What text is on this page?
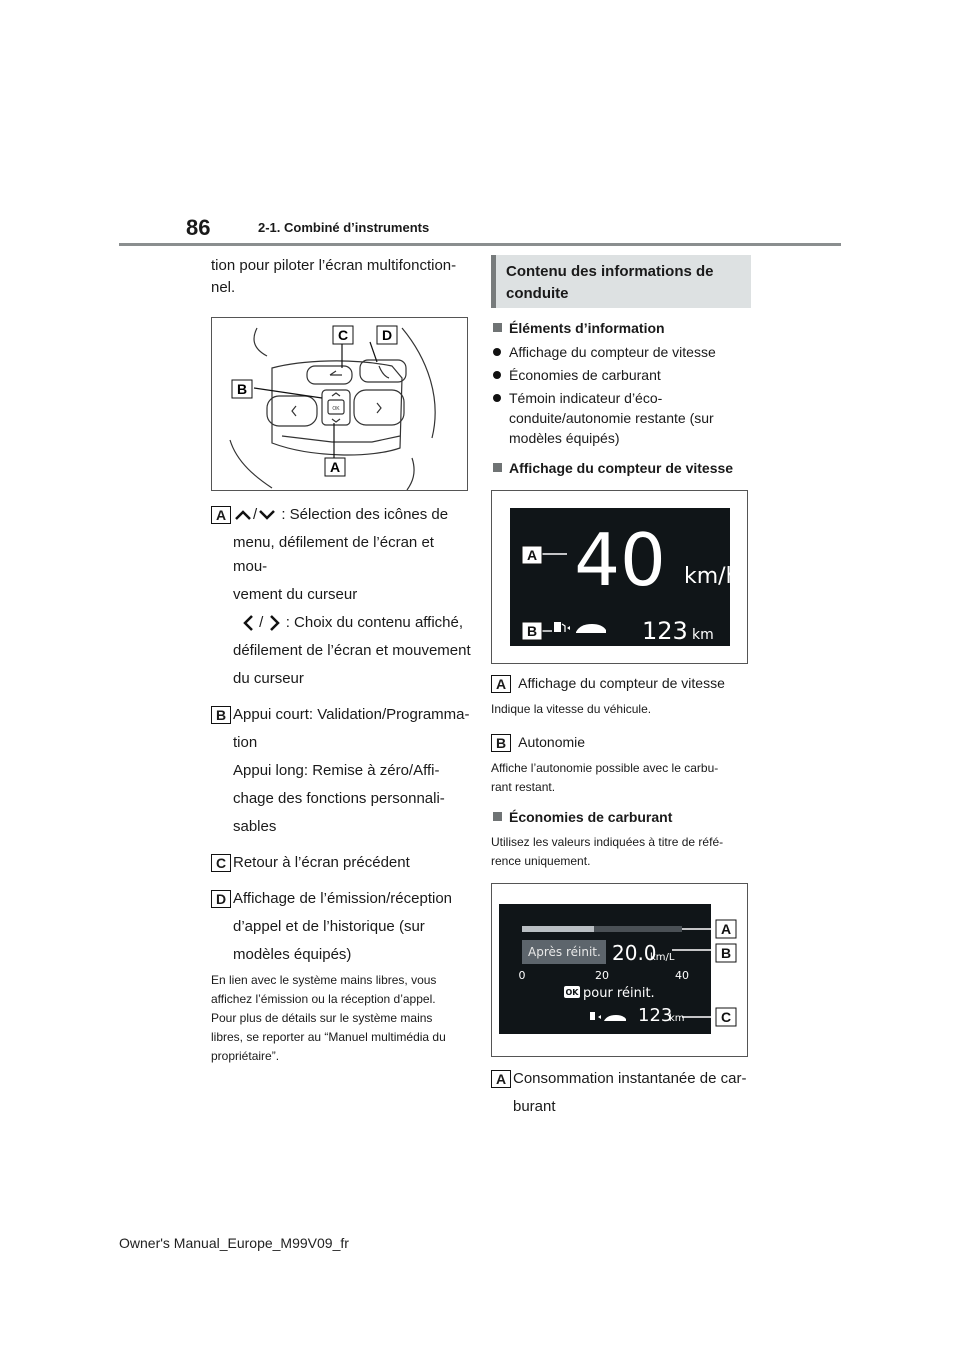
86	2-1. Combiné d’instruments
tion pour piloter l’écran multifonction-
nel.
OK
C D
B
A
A	/ : Sélection des icônes de
menu, défilement de l’écran et mou-
vement du curseur
/ : Choix du contenu affiché,
défilement de l’écran et mouvement
du curseur
B Appui court: Validation/Programma-
tion
Appui long: Remise à zéro/Affi-
chage des fonctions personnali-
sables
C Retour à l’écran précédent
D Affichage de l’émission/réception
d’appel et de l’historique (sur
modèles équipés)
En lien avec le système mains libres, vous
affichez l’émission ou la réception d’appel.
Pour plus de détails sur le système mains
libres, se reporter au “Manuel multimédia du
propriétaire”.
Contenu des informations de
conduite
Éléments d’information
Affichage du compteur de vitesse
Économies de carburant
Témoin indicateur d’éco-
conduite/autonomie restante (sur
modèles équipés)
Affichage du compteur de vitesse
40 km/h
123 km
A
B
A Affichage du compteur de vitesse
Indique la vitesse du véhicule.
B Autonomie
Affiche l’autonomie possible avec le carbu-
rant restant.
Économies de carburant
Utilisez les valeurs indiquées à titre de réfé-
rence uniquement.
Après réinit. 20.0
km/L
0	20	40
OK pour réinit.
123
km
A
B
C
A Consommation instantanée de car-
burant
Owner's Manual_Europe_M99V09_fr
